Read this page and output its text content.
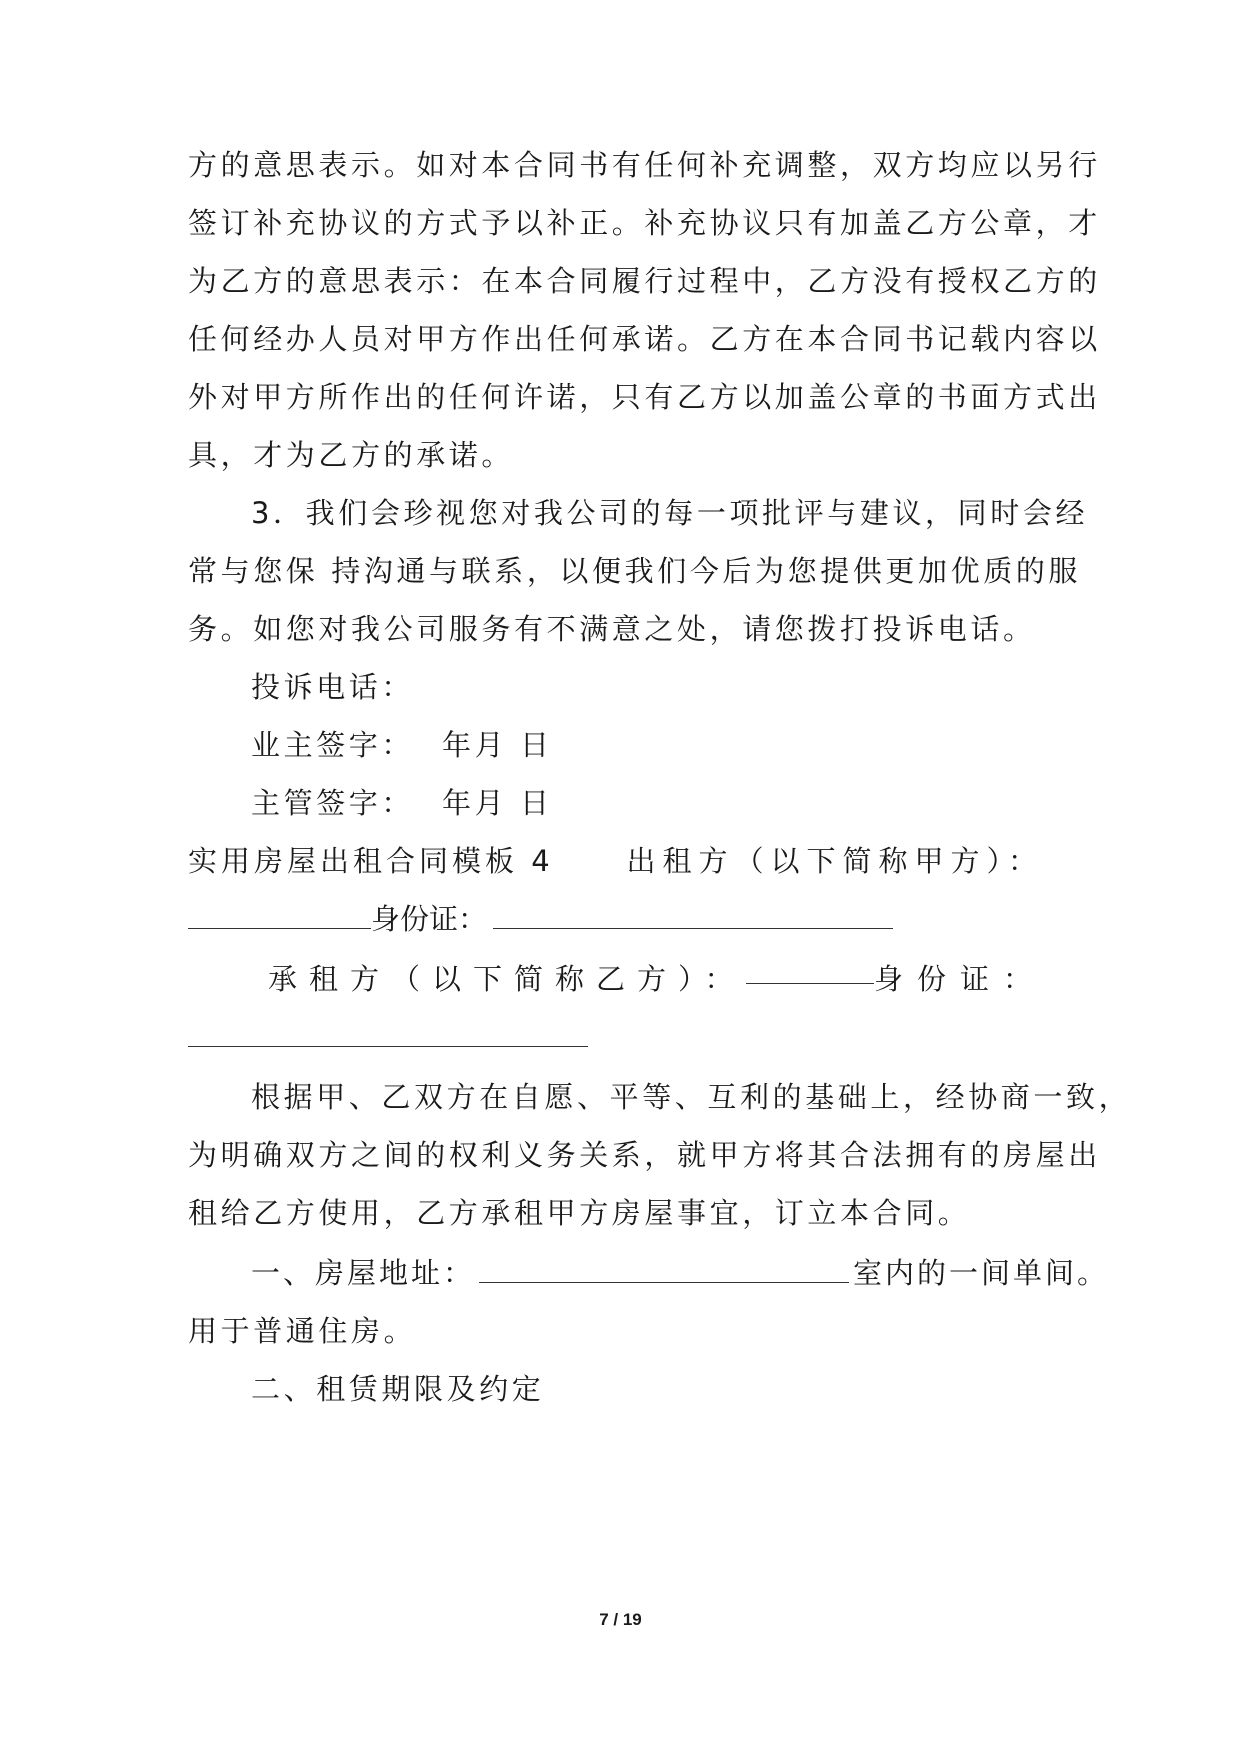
方的意思表示。如对本合同书有任何补充调整，双方均应以另行
签订补充协议的方式予以补正。补充协议只有加盖乙方公章，才
为乙方的意思表示：在本合同履行过程中，乙方没有授权乙方的
任何经办人员对甲方作出任何承诺。乙方在本合同书记载内容以
外对甲方所作出的任何许诺，只有乙方以加盖公章的书面方式出
具，才为乙方的承诺。
3．我们会珍视您对我公司的每一项批评与建议，同时会经
常与您保 持沟通与联系，以便我们今后为您提供更加优质的服
务。如您对我公司服务有不满意之处，请您拨打投诉电话。
投诉电话：
业主签字： 年月 日
主管签字： 年月 日
实用房屋出租合同模板 4	出租方（以下简称甲方）：
身份证：
承租方（以下简称乙方）：	身份证：
根据甲、乙双方在自愿、平等、互利的基础上，经协商一致，
为明确双方之间的权利义务关系，就甲方将其合法拥有的房屋出
租给乙方使用，乙方承租甲方房屋事宜，订立本合同。
一、房屋地址：	室内的一间单间。
用于普通住房。
二、租赁期限及约定
7 / 19
